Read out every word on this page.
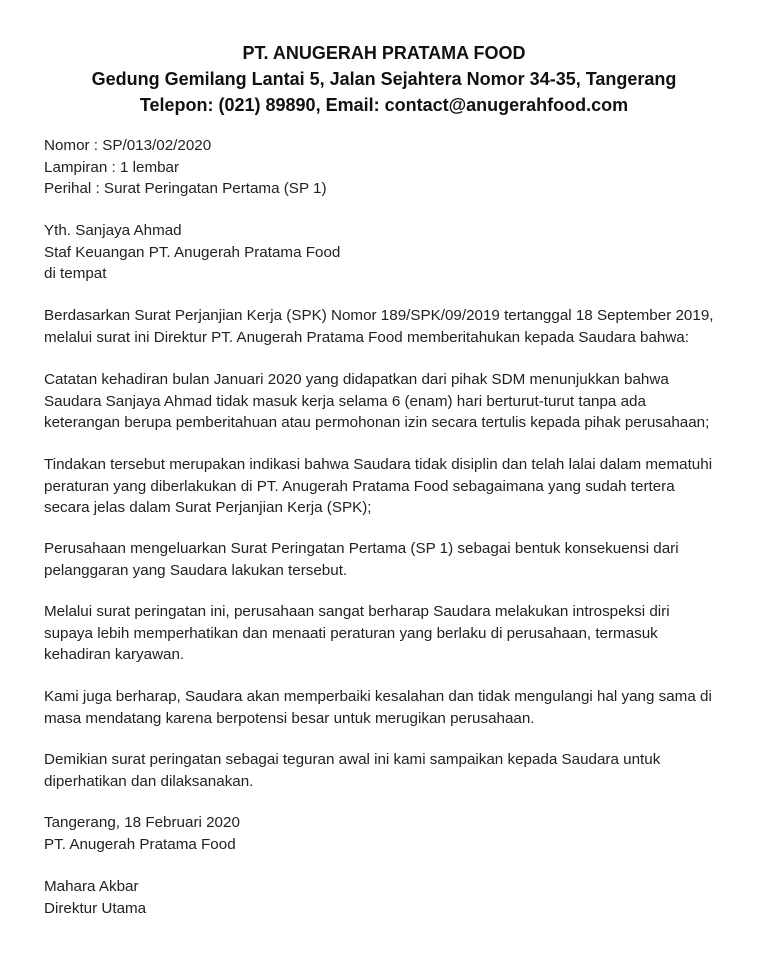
PT. ANUGERAH PRATAMA FOOD
Gedung Gemilang Lantai 5, Jalan Sejahtera Nomor 34-35, Tangerang
Telepon: (021) 89890, Email: contact@anugerahfood.com
Nomor : SP/013/02/2020
Lampiran : 1 lembar
Perihal : Surat Peringatan Pertama (SP 1)
Yth. Sanjaya Ahmad
Staf Keuangan PT. Anugerah Pratama Food
di tempat
Berdasarkan Surat Perjanjian Kerja (SPK) Nomor 189/SPK/09/2019 tertanggal 18 September 2019,
melalui surat ini Direktur PT. Anugerah Pratama Food memberitahukan kepada Saudara bahwa:
Catatan kehadiran bulan Januari 2020 yang didapatkan dari pihak SDM menunjukkan bahwa
Saudara Sanjaya Ahmad tidak masuk kerja selama 6 (enam) hari berturut-turut tanpa ada
keterangan berupa pemberitahuan atau permohonan izin secara tertulis kepada pihak perusahaan;
Tindakan tersebut merupakan indikasi bahwa Saudara tidak disiplin dan telah lalai dalam mematuhi
peraturan yang diberlakukan di PT. Anugerah Pratama Food sebagaimana yang sudah tertera
secara jelas dalam Surat Perjanjian Kerja (SPK);
Perusahaan mengeluarkan Surat Peringatan Pertama (SP 1) sebagai bentuk konsekuensi dari
pelanggaran yang Saudara lakukan tersebut.
Melalui surat peringatan ini, perusahaan sangat berharap Saudara melakukan introspeksi diri
supaya lebih memperhatikan dan menaati peraturan yang berlaku di perusahaan, termasuk
kehadiran karyawan.
Kami juga berharap, Saudara akan memperbaiki kesalahan dan tidak mengulangi hal yang sama di
masa mendatang karena berpotensi besar untuk merugikan perusahaan.
Demikian surat peringatan sebagai teguran awal ini kami sampaikan kepada Saudara untuk
diperhatikan dan dilaksanakan.
Tangerang, 18 Februari 2020
PT. Anugerah Pratama Food
Mahara Akbar
Direktur Utama
